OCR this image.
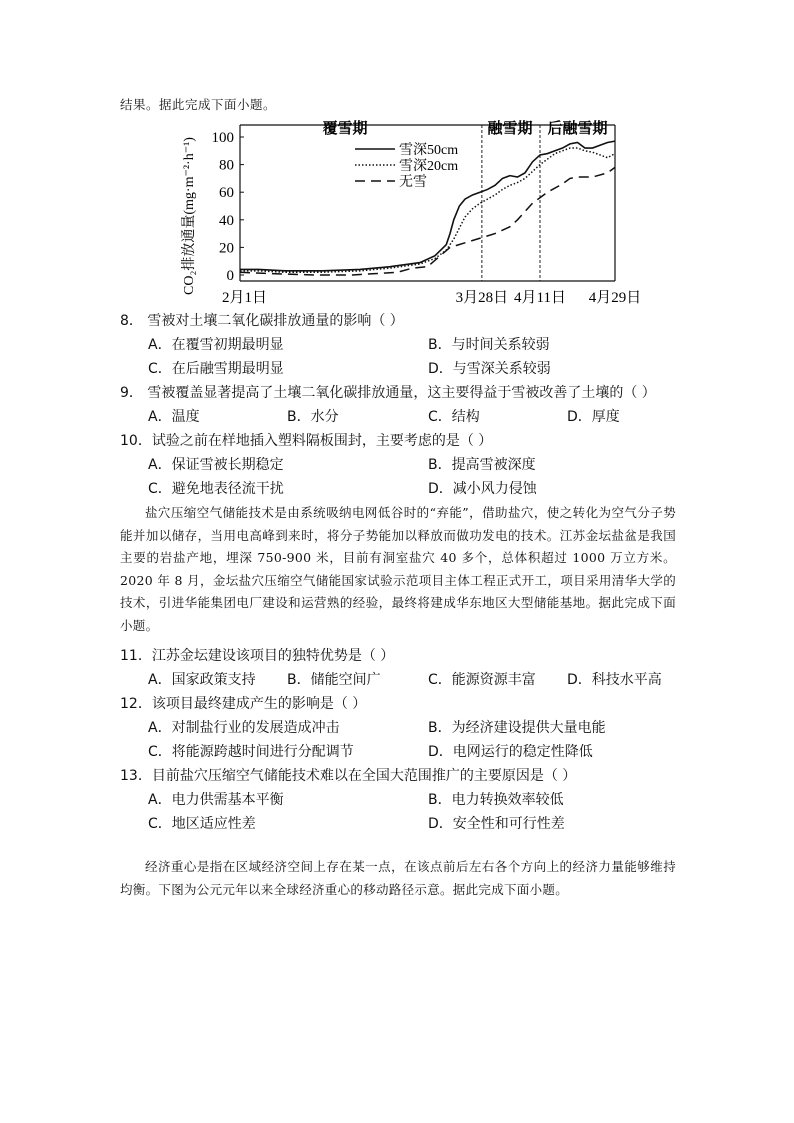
结果。据此完成下面小题。
0
20
40
60
80
100
CO₂排放通量(mg·m⁻²·h⁻¹)
2月1日	3月28日 4月11日 4月29日
覆雪期	融雪期 后融雪期
雪深50cm
雪深20cm
无雪
8． 雪被对土壤二氧化碳排放通量的影响（ ）
A．在覆雪初期最明显	B．与时间关系较弱
C．在后融雪期最明显	D．与雪深关系较弱
9． 雪被覆盖显著提高了土壤二氧化碳排放通量，这主要得益于雪被改善了土壤的（ ）
A．温度	B．水分	C．结构	D．厚度
10．试验之前在样地插入塑料隔板围封，主要考虑的是（ ）
A．保证雪被长期稳定	B．提高雪被深度
C．避免地表径流干扰	D．减小风力侵蚀
盐穴压缩空气储能技术是由系统吸纳电网低谷时的“弃能”，借助盐穴，使之转化为空气分子势能并加以储存，当用电高峰到来时，将分子势能加以释放而做功发电的技术。江苏金坛盐盆是我国主要的岩盐产地，埋深 750-900 米，目前有洞室盐穴 40 多个，总体积超过 1000 万立方米。2020 年 8 月，金坛盐穴压缩空气储能国家试验示范项目主体工程正式开工，项目采用清华大学的技术，引进华能集团电厂建设和运营熟的经验，最终将建成华东地区大型储能基地。据此完成下面小题。
11．江苏金坛建设该项目的独特优势是（ ）
A．国家政策支持 B．储能空间广	C．能源资源丰富 D．科技水平高
12．该项目最终建成产生的影响是（ ）
A．对制盐行业的发展造成冲击	B．为经济建设提供大量电能
C．将能源跨越时间进行分配调节	D．电网运行的稳定性降低
13．目前盐穴压缩空气储能技术难以在全国大范围推广的主要原因是（ ）
A．电力供需基本平衡	B．电力转换效率较低
C．地区适应性差	D．安全性和可行性差
经济重心是指在区域经济空间上存在某一点，在该点前后左右各个方向上的经济力量能够维持均衡。下图为公元元年以来全球经济重心的移动路径示意。据此完成下面小题。
